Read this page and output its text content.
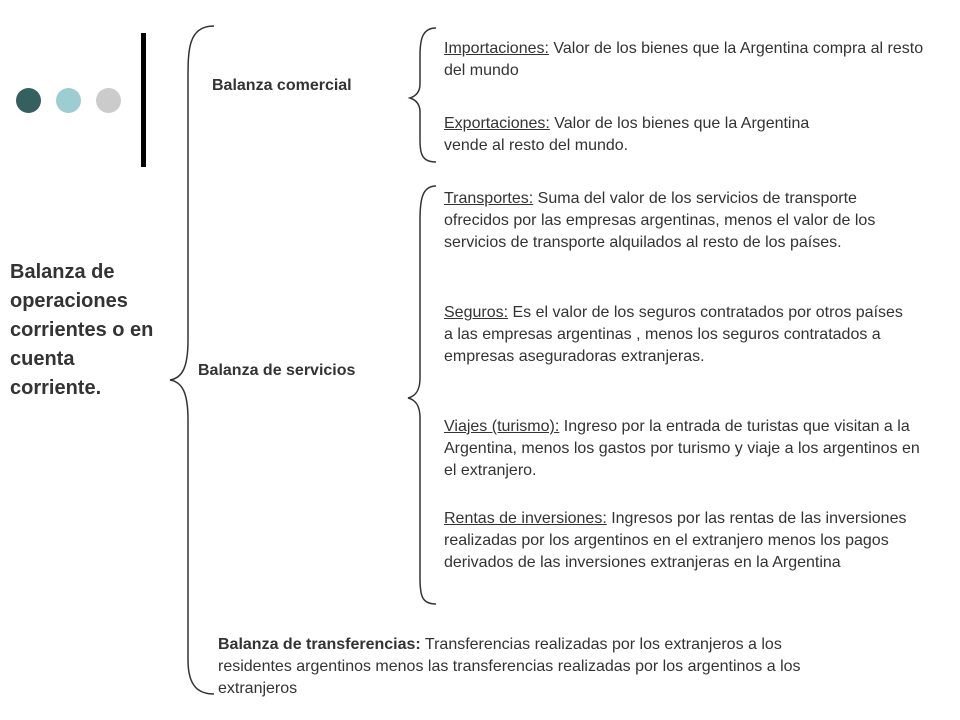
Balanza de operaciones corrientes o en cuenta corriente.
Balanza comercial
Balanza de servicios
Importaciones: Valor de los bienes que la Argentina compra al resto del mundo
Exportaciones: Valor de los bienes que la Argentina vende al resto del mundo.
Transportes: Suma del valor de los servicios de transporte ofrecidos por las empresas argentinas, menos el valor de los servicios de transporte alquilados al resto de los países.
Seguros: Es el valor de los seguros contratados por otros países a las empresas argentinas , menos los seguros contratados a empresas aseguradoras extranjeras.
Viajes (turismo): Ingreso por la entrada de turistas que visitan a la Argentina, menos los gastos por turismo y viaje a los argentinos en el extranjero.
Rentas de inversiones: Ingresos por las rentas de las inversiones realizadas por los argentinos en el extranjero menos los pagos derivados de las inversiones extranjeras en la Argentina
Balanza de transferencias: Transferencias realizadas por los extranjeros a los residentes argentinos menos las transferencias realizadas por los argentinos a los extranjeros
